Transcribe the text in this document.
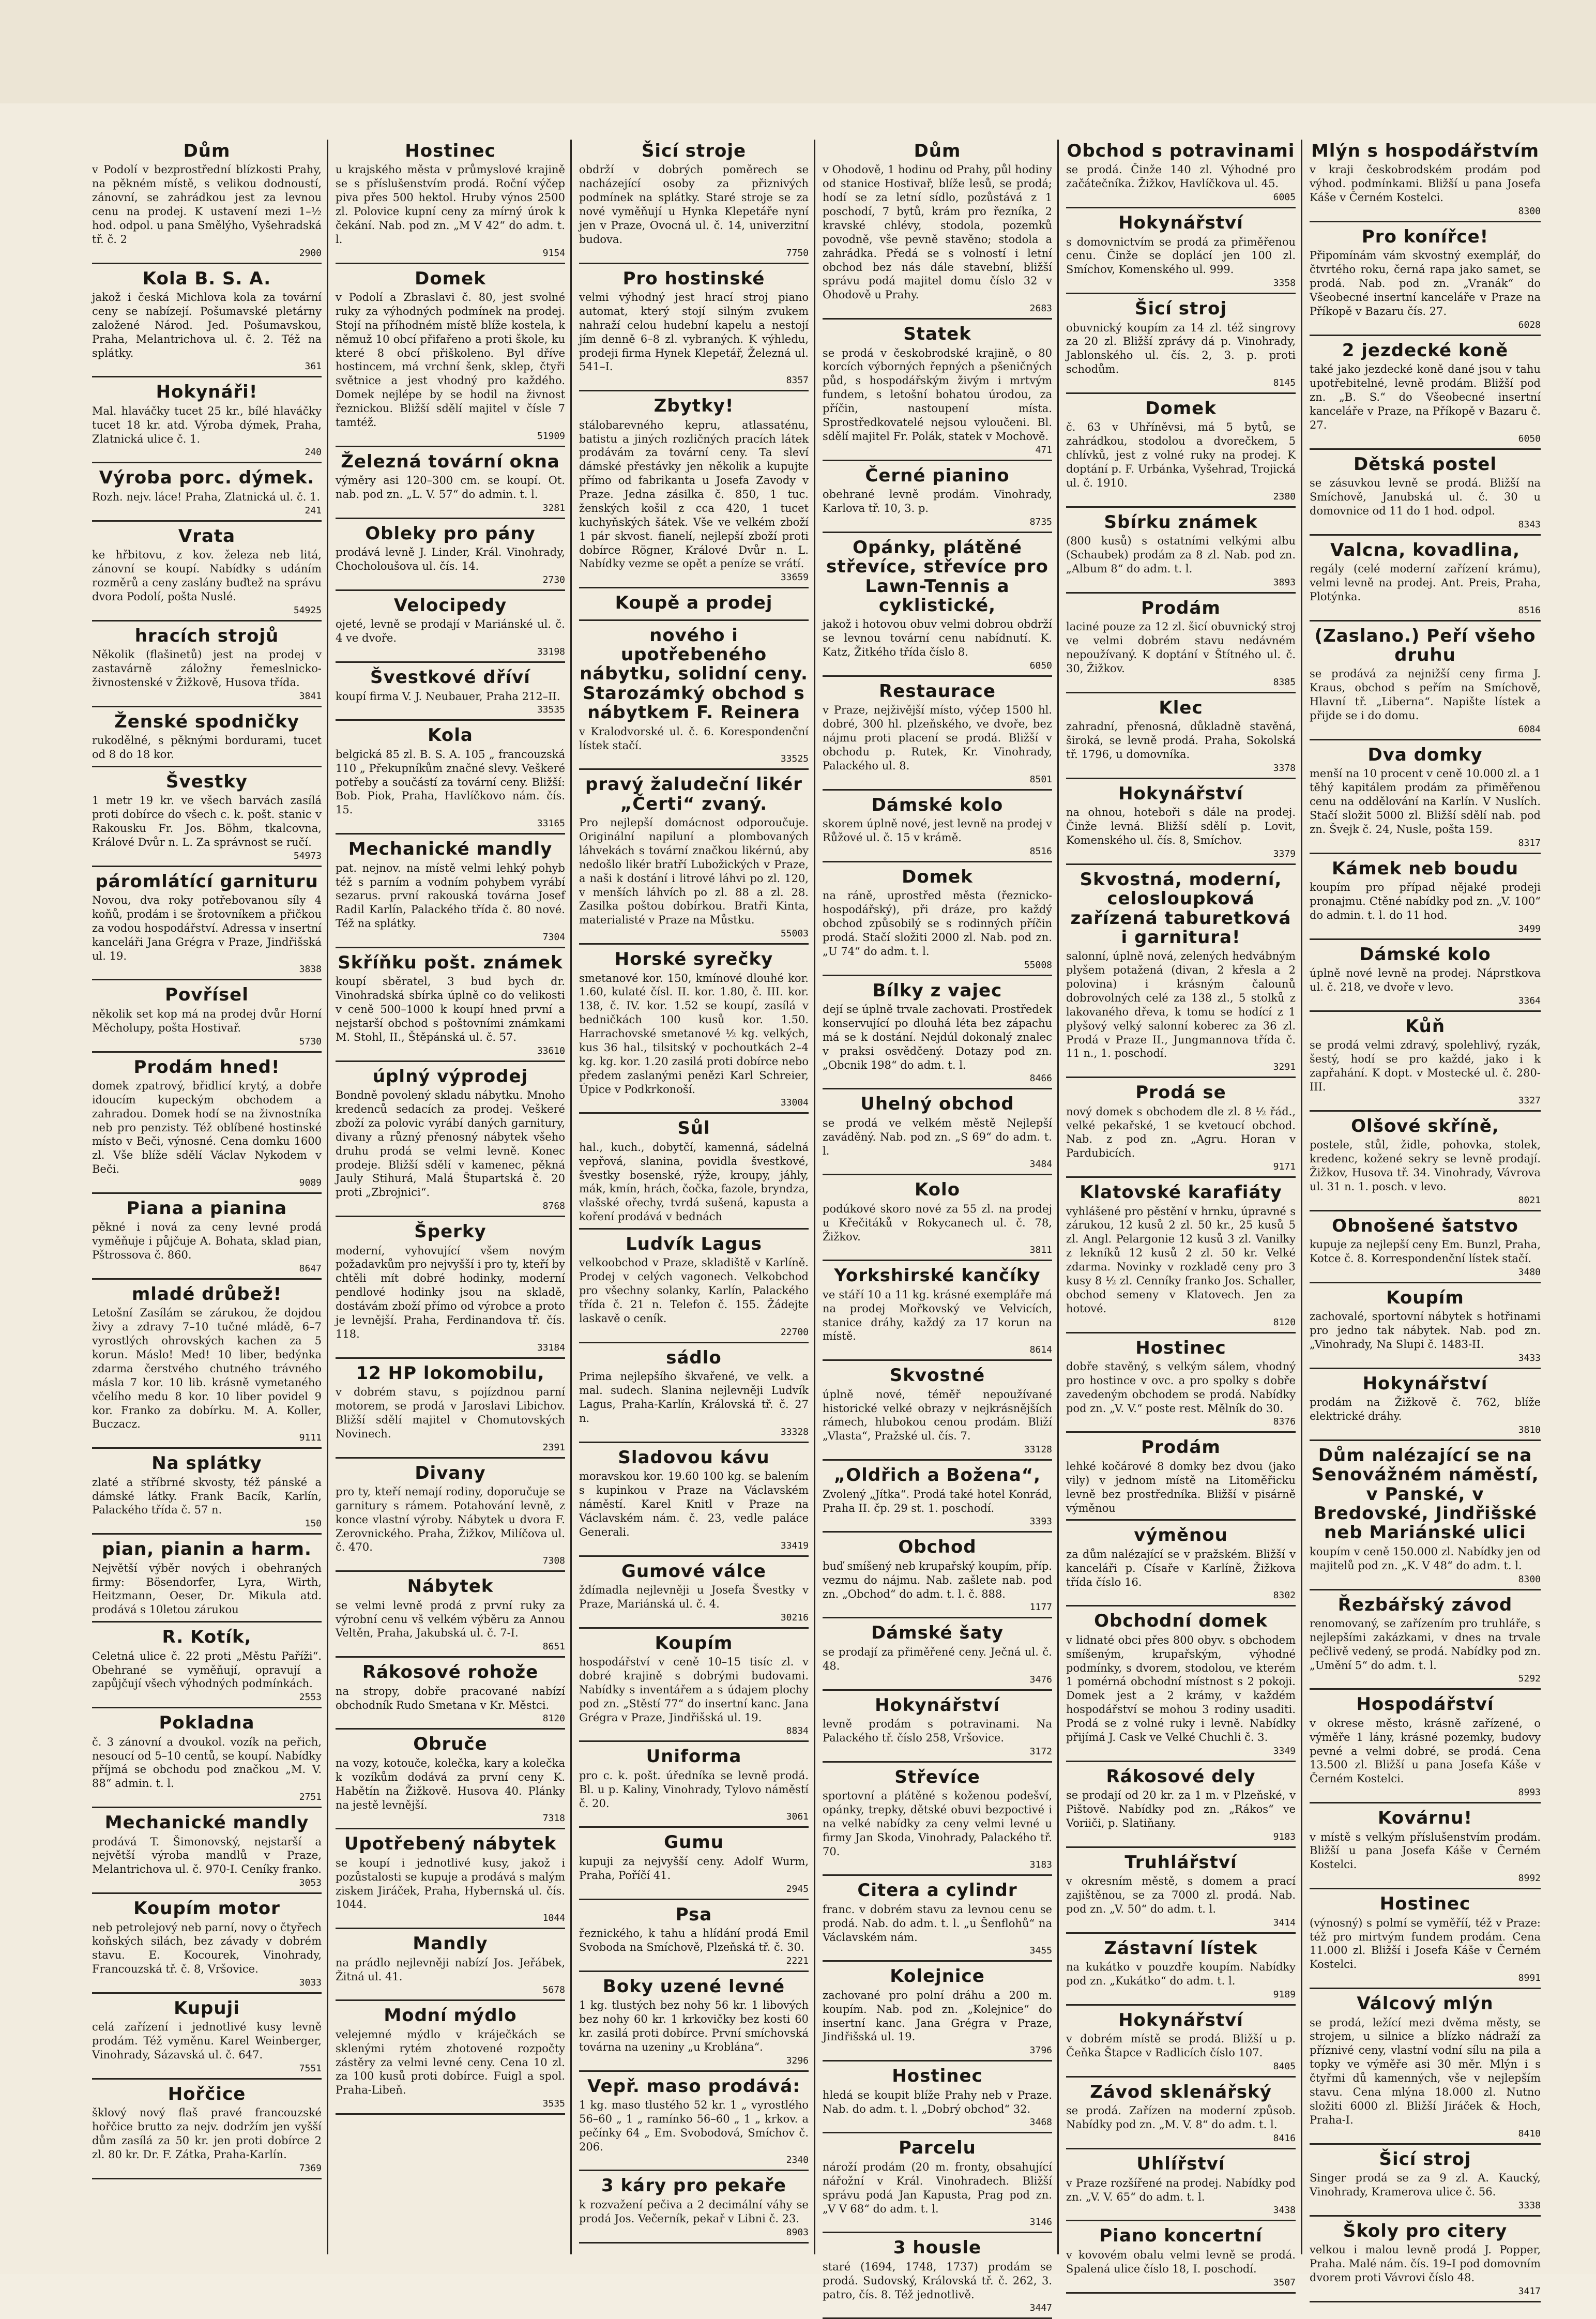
Dům

v Podolí v bezprostřední blízkosti Prahy, na pěkném místě, s velikou dodnoustí, zánovní, se zahrádkou jest za levnou cenu na prodej. K ustavení mezi 1–½ hod. odpol. u pana Smělýho, Vyšehradská tř. č. 2

2900
Kola B. S. A.

jakož i česká Michlova kola za tovární ceny se nabízejí. Pošumavské pletárny založené Národ. Jed. Pošumavskou, Praha, Melantrichova ul. č. 2. Též na splátky.

361
Hokynáři!

Mal. hlaváčky tucet 25 kr., bílé hlaváčky tucet 18 kr. atd. Výroba dýmek, Praha, Zlatnická ulice č. 1.

240
Výroba porc. dýmek.

Rozh. nejv. láce! Praha, Zlatnická ul. č. 1.

241
Vrata

ke hřbitovu, z kov. železa neb litá, zánovní se koupí. Nabídky s udáním rozměrů a ceny zaslány buďtež na správu dvora Podolí, pošta Nuslé.

54925
hracích strojů

Několik (flašinetů) jest na prodej v zastavárně záložny řemeslnicko-živnostenské v Žižkově, Husova třída.

3841
Ženské spodničky

rukodělné, s pěknými bordurami, tucet od 8 do 18 kor.

Švestky

1 metr 19 kr. ve všech barvách zasílá proti dobírce do všech c. k. pošt. stanic v Rakousku Fr. Jos. Böhm, tkalcovna, Králové Dvůr n. L. Za správnost se ručí.

54973
páromlátící garnituru

Novou, dva roky potřebovanou síly 4 koňů, prodám i se šrotovníkem a přičkou za vodou hospodářství. Adressa v insertní kanceláři Jana Grégra v Praze, Jindřišská ul. 19.

3838
Povřísel

několik set kop má na prodej dvůr Horní Měcholupy, pošta Hostivař.

5730
Prodám hned!

domek zpatrový, břidlicí krytý, a dobře idoucím kupeckým obchodem a zahradou. Domek hodí se na živnostníka neb pro penzisty. Též oblíbené hostinské místo v Beči, výnosné. Cena domku 1600 zl. Vše blíže sdělí Václav Nykodem v Beči.

9089
Piana a pianina

pěkné i nová za ceny levné prodá vyměňuje i půjčuje A. Bohata, sklad pian, Pštrossova č. 860.

8647
mladé drůbež!

Letošní Zasílám se zárukou, že dojdou živy a zdravy 7–10 tučné mládě, 6–7 vyrostlých ohrovských kachen za 5 korun. Máslo! Med! 10 liber, bedýnka zdarma čerstvého chutného trávného másla 7 kor. 10 lib. krásně vymetaného včelího medu 8 kor. 10 liber povidel 9 kor. Franko za dobírku. M. A. Koller, Buczacz.

9111
Na splátky

zlaté a stříbrné skvosty, též pánské a dámské látky. Frank Bacík, Karlín, Palackého třída č. 57 n.

150
pian, pianin a harm.

Největší výběr nových i obehraných firmy: Bösendorfer, Lyra, Wirth, Heitzmann, Oeser, Dr. Mikula atd. prodává s 10letou zárukou

R. Kotík,

Celetná ulice č. 22 proti „Městu Paříži“. Obehrané se vyměňují, opravují a zapůjčují všech výhodných podmínkách.

2553
Pokladna

č. 3 zánovní a dvoukol. vozík na peřich, nesoucí od 5–10 centů, se koupí. Nabídky příjmá se obchodu pod značkou „M. V. 88“ admin. t. l.

2751
Mechanické mandly

prodává T. Šimonovský, nejstarší a největší výroba mandlů v Praze, Melantrichova ul. č. 970-I. Ceníky franko.

3053
Koupím motor

neb petrolejový neb parní, novy o čtyřech koňských silách, bez závady v dobrém stavu. E. Kocourek, Vinohrady, Francouzská tř. č. 8, Vršovice.

3033
Kupuji

celá zařízení i jednotlivé kusy levně prodám. Též vyměnu. Karel Weinberger, Vinohrady, Sázavská ul. č. 647.

7551
Hořčice

šklový nový flaš pravé francouzské hořčice brutto za nejv. dodržím jen vyšší dům zasílá za 50 kr. jen proti dobírce 2 zl. 80 kr. Dr. F. Zátka, Praha-Karlín.

7369
Hostinec

u krajského města v průmyslové krajině se s příslušenstvím prodá. Roční výčep piva přes 500 hektol. Hruby výnos 2500 zl. Polovice kupní ceny za mírný úrok k čekání. Nab. pod zn. „M V 42“ do adm. t. l.

9154
Domek

v Podolí a Zbraslavi č. 80, jest svolné ruky za výhodných podmínek na prodej. Stojí na příhodném místě blíže kostela, k němuž 10 obcí přifařeno a proti škole, ku které 8 obcí přiškoleno. Byl dříve hostincem, má vrchní šenk, sklep, čtyři světnice a jest vhodný pro každého. Domek nejlépe by se hodil na živnost řeznickou. Bližší sdělí majitel v čísle 7 tamtéž.

51909
Železná tovární okna

výměry asi 120–300 cm. se koupí. Ot. nab. pod zn. „L. V. 57“ do admin. t. l.

3281
Obleky pro pány

prodává levně J. Linder, Král. Vinohrady, Chocholoušova ul. čís. 14.

2730
Velocipedy

ojeté, levně se prodají v Mariánské ul. č. 4 ve dvoře.

33198
Švestkové dříví

koupí firma V. J. Neubauer, Praha 212–II.

33535
Kola

belgická 85 zl. B. S. A. 105 „ francouzská 110 „ Překupníkům značné slevy. Veškeré potřeby a součástí za tovární ceny. Bližší: Bob. Piok, Praha, Havlíčkovo nám. čís. 15.

33165
Mechanické mandly

pat. nejnov. na místě velmi lehký pohyb též s parním a vodním pohybem vyrábí sezarus. první rakouská továrna Josef Radil Karlín, Palackého třída č. 80 nové. Též na splátky.

7304
Skříňku pošt. známek

koupí sběratel, 3 bud bych dr. Vinohradská sbírka úplně co do velikosti v ceně 500–1000 k koupí hned první a nejstarší obchod s poštovními známkami M. Stohl, II., Štěpánská ul. č. 57.

33610
úplný výprodej

Bondně povolený skladu nábytku. Mnoho kredenců sedacích za prodej. Veškeré zboží za polovic vyrábí daných garnitury, divany a různý přenosný nábytek všeho druhu prodá se velmi levně. Konec prodeje. Bližší sdělí v kamenec, pěkná Jauly Stihurá, Malá Štupartská č. 20 proti „Zbrojnici“.

8768
Šperky

moderní, vyhovující všem novým požadavkům pro nejvyšší i pro ty, kteří by chtěli mít dobré hodinky, moderní pendlové hodinky jsou na skladě, dostávám zboží přímo od výrobce a proto je levnější. Praha, Ferdinandova tř. čís. 118.

33184
12 HP lokomobilu,

v dobrém stavu, s pojízdnou parní motorem, se prodá v Jaroslavi Libichov. Bližší sdělí majitel v Chomutovských Novinech.

2391
Divany

pro ty, kteří nemají rodiny, doporučuje se garnitury s rámem. Potahování levně, z konce vlastní výroby. Nábytek u dvora F. Zerovnického. Praha, Žižkov, Milíčova ul. č. 470.

7308
Nábytek

se velmi levně prodá z první ruky za výrobní cenu vš velkém výběru za Annou Veltěn, Praha, Jakubská ul. č. 7-I.

8651
Rákosové rohože

na stropy, dobře pracované nabízí obchodník Rudo Smetana v Kr. Městci.

8120
Obruče

na vozy, kotouče, kolečka, kary a kolečka k vozíkům dodává za první ceny K. Habětín na Žižkově. Husova 40. Plánky na jestě levnější.

7318
Upotřebený nábytek

se koupí i jednotlivé kusy, jakož i pozůstalosti se kupuje a prodává s malým ziskem Jiráček, Praha, Hybernská ul. čís. 1044.

1044
Mandly

na prádlo nejlevněji nabízí Jos. Jeřábek, Žitná ul. 41.

5678
Modní mýdlo

velejemné mýdlo v kráječkách se sklenými rytém zhotovené rozpočty zástěry za velmi levné ceny. Cena 10 zl. za 100 kusů proti dobírce. Fuigl a spol. Praha-Libeň.

3535
Šicí stroje

obdrží v dobrých poměrech se nacházející osoby za přiznivých podmínek na splátky. Staré stroje se za nové vyměňují u Hynka Klepetáře nyní jen v Praze, Ovocná ul. č. 14, univerzitní budova.

7750
Pro hostinské

velmi výhodný jest hrací stroj piano automat, který stojí silným zvukem nahraží celou hudební kapelu a nestojí jím denně 6–8 zl. vybraných. K výhledu, prodeji firma Hynek Klepetář, Železná ul. 541–I.

8357
Zbytky!

stálobarevného kepru, atlassaténu, batistu a jiných rozličných pracích látek prodávám za tovární ceny. Ta sleví dámské přestávky jen několik a kupujte přímo od fabrikanta u Josefa Zavody v Praze. Jedna zásilka č. 850, 1 tuc. ženských košil z cca 420, 1 tucet kuchyňských šátek. Vše ve velkém zboží 1 pár skvost. fianelí, nejlepší zboží proti dobírce Rögner, Králové Dvůr n. L. Nabídky vezme se opět a peníze se vrátí.

33659
Koupě a prodej
nového i upotřebeného nábytku, solidní ceny. Starozámký obchod s nábytkem F. Reinera

v Kralodvorské ul. č. 6. Korespondenční lístek stačí.

33525
pravý žaludeční likér „Čerti“ zvaný.

Pro nejlepší domácnost odporoučuje. Originální napiluní a plombovaných láhvekách s tovární značkou likérnú, aby nedošlo likér bratří Lubožických v Praze, a naši k dostání i litrové láhvi po zl. 120, v menších láhvích po zl. 88 a zl. 28. Zasilka poštou dobírkou. Bratři Kinta, materialisté v Praze na Můstku.

55003
Horské syrečky

smetanové kor. 150, kmínové dlouhé kor. 1.60, kulaté čísl. II. kor. 1.80, č. III. kor. 138, č. IV. kor. 1.52 se koupí, zasílá v bedničkách 100 kusů kor. 1.50. Harrachovské smetanové ½ kg. velkých, kus 36 hal., tilsitský v pochoutkách 2–4 kg. kg. kor. 1.20 zasilá proti dobírce nebo předem zaslanými penězi Karl Schreier, Úpice v Podkrkonoší.

33004
Sůl

hal., kuch., dobytčí, kamenná, sádelná vepřová, slanina, povidla švestkové, švestky bosenské, rýže, kroupy, jáhly, mák, kmín, hrách, čočka, fazole, bryndza, vlašské ořechy, tvrdá sušená, kapusta a koření prodává v bednách

Ludvík Lagus

velkoobchod v Praze, skladiště v Karlíně. Prodej v celých vagonech. Velkobchod pro všechny solanky, Karlín, Palackého třída č. 21 n. Telefon č. 155. Žádejte laskavě o ceník.

22700
sádlo

Prima nejlepšího škvařené, ve velk. a mal. sudech. Slanina nejlevněji Ludvík Lagus, Praha-Karlín, Královská tř. č. 27 n.

33328
Sladovou kávu

moravskou kor. 19.60 100 kg. se balením s kupinkou v Praze na Václavském náměstí. Karel Knitl v Praze na Václavském nám. č. 23, vedle paláce Generali.

33419
Gumové válce

ždímadla nejlevněji u Josefa Švestky v Praze, Mariánská ul. č. 4.

30216
Koupím

hospodářství v ceně 10–15 tisíc zl. v dobré krajině s dobrými budovami. Nabídky s inventářem a s údajem plochy pod zn. „Stěstí 77“ do insertní kanc. Jana Grégra v Praze, Jindřišská ul. 19.

8834
Uniforma

pro c. k. pošt. úředníka se levně prodá. Bl. u p. Kaliny, Vinohrady, Tylovo náměstí č. 20.

3061
Gumu

kupuji za nejvyšší ceny. Adolf Wurm, Praha, Poříčí 41.

2945
Psa

řeznického, k tahu a hlídání prodá Emil Svoboda na Smíchově, Plzeňská tř. č. 30.

2221
Boky uzené levné

1 kg. tlustých bez nohy 56 kr. 1 libových bez nohy 60 kr. 1 krkovičky bez kosti 60 kr. zasilá proti dobírce. První smíchovská továrna na uzeniny „u Kroblána“.

3296
Vepř. maso prodává:

1 kg. maso tlustého 52 kr. 1 „ vyrostlého 56–60 „ 1 „ ramínko 56–60 „ 1 „ krkov. a pečínky 64 „ Em. Svobodová, Smíchov č. 206.

2340
3 káry pro pekaře

k rozvažení pečiva a 2 decimální váhy se prodá Jos. Večerník, pekař v Libni č. 23.

8903
Dům

v Ohodově, 1 hodinu od Prahy, půl hodiny od stanice Hostivař, blíže lesů, se prodá; hodí se za letní sídlo, pozůstává z 1 poschodí, 7 bytů, krám pro řezníka, 2 kravské chlévy, stodola, pozemků povodně, vše pevně stavěno; stodola a zahrádka. Předá se s volností i letní obchod bez nás dále stavební, bližší správu podá majitel domu číslo 32 v Ohodově u Prahy.

2683
Statek

se prodá v českobrodské krajině, o 80 korcích výborných řepných a pšeničných půd, s hospodářským živým i mrtvým fundem, s letošní bohatou úrodou, za příčin, nastoupení místa. Sprostředkovatelé nejsou vyloučeni. Bl. sdělí majitel Fr. Polák, statek v Mochově.

471
Černé pianino

obehrané levně prodám. Vinohrady, Karlova tř. 10, 3. p.

8735
Opánky, plátěné střevíce, střevíce pro Lawn-Tennis a cyklistické,

jakož i hotovou obuv velmi dobrou obdrží se levnou tovární cenu nabídnutí. K. Katz, Žitkého třída číslo 8.

6050
Restaurace

v Praze, nejživější místo, výčep 1500 hl. dobré, 300 hl. plzeňského, ve dvoře, bez nájmu proti placení se prodá. Bližší v obchodu p. Rutek, Kr. Vinohrady, Palackého ul. 8.

8501
Dámské kolo

skorem úplně nové, jest levně na prodej v Růžové ul. č. 15 v krámě.

8516
Domek

na ráně, uprostřed města (řeznicko-hospodářský), při dráze, pro každý obchod způsobilý se s rodinných příčin prodá. Stačí složiti 2000 zl. Nab. pod zn. „U 74“ do adm. t. l.

55008
Bílky z vajec

dejí se úplně trvale zachovati. Prostředek konservující po dlouhá léta bez zápachu má se k dostání. Nejdúl dokonalý znalec v praksi osvědčený. Dotazy pod zn. „Obcnik 198“ do adm. t. l.

8466
Uhelný obchod

se prodá ve velkém městě Nejlepší zaváděný. Nab. pod zn. „S 69“ do adm. t. l.

3484
Kolo

podúkové skoro nové za 55 zl. na prodej u Křečitáků v Rokycanech ul. č. 78, Žižkov.

3811
Yorkshirské kančíky

ve stáří 10 a 11 kg. krásné exempláře má na prodej Mořkovský ve Velvicích, stanice dráhy, každý za 17 korun na místě.

8614
Skvostné

úplně nové, téměř nepoužívané historické velké obrazy v nejkrásnějších rámech, hlubokou cenou prodám. Bliží „Vlasta“, Pražské ul. čís. 7.

33128
„Oldřich a Božena“,

Zvolený „Jítka“. Prodá také hotel Konrád, Praha II. čp. 29 st. 1. poschodí.

3393
Obchod

buď smíšený neb krupařský koupím, příp. vezmu do nájmu. Nab. zašlete nab. pod zn. „Obchod“ do adm. t. l. č. 888.

1177
Dámské šaty

se prodají za přiměřené ceny. Ječná ul. č. 48.

3476
Hokynářství

levně prodám s potravinami. Na Palackého tř. číslo 258, Vršovice.

3172
Střevíce

sportovní a plátěné s koženou podešví, opánky, trepky, dětské obuvi bezpoctivé i na velké nabídky za ceny velmi levné u firmy Jan Skoda, Vinohrady, Palackého tř. 70.

3183
Citera a cylindr

franc. v dobrém stavu za levnou cenu se prodá. Nab. do adm. t. l. „u Šenflohů“ na Václavském nám.

3455
Kolejnice

zachované pro polní dráhu a 200 m. koupím. Nab. pod zn. „Kolejnice“ do insertní kanc. Jana Grégra v Praze, Jindřišská ul. 19.

3796
Hostinec

hledá se koupit blíže Prahy neb v Praze. Nab. do adm. t. l. „Dobrý obchod“ 32.

3468
Parcelu

nároží prodám (20 m. fronty, obsahující nářožní v Král. Vinohradech. Bližší správu podá Jan Kapusta, Prag pod zn. „V V 68“ do adm. t. l.

3146
3 housle

staré (1694, 1748, 1737) prodám se prodá. Sudovský, Královská tř. č. 262, 3. patro, čís. 8. Též jednotlivě.

3447
Obchod s potravinami

se prodá. Činže 140 zl. Výhodné pro začátečníka. Žižkov, Havlíčkova ul. 45.

6005
Hokynářství

s domovnictvím se prodá za přiměřenou cenu. Činže se doplácí jen 100 zl. Smíchov, Komenského ul. 999.

3358
Šicí stroj

obuvnický koupím za 14 zl. též singrovy za 20 zl. Bližší zprávy dá p. Vinohrady, Jablonského ul. čís. 2, 3. p. proti schodům.

8145
Domek

č. 63 v Uhříněvsi, má 5 bytů, se zahrádkou, stodolou a dvorečkem, 5 chlívků, jest z volné ruky na prodej. K doptání p. F. Urbánka, Vyšehrad, Trojická ul. č. 1910.

2380
Sbírku známek

(800 kusů) s ostatními velkými albu (Schaubek) prodám za 8 zl. Nab. pod zn. „Album 8“ do adm. t. l.

3893
Prodám

laciné pouze za 12 zl. šicí obuvnický stroj ve velmi dobrém stavu nedávném nepoužívaný. K doptání v Štítného ul. č. 30, Žižkov.

8385
Klec

zahradní, přenosná, důkladně stavěná, široká, se levně prodá. Praha, Sokolská tř. 1796, u domovníka.

3378
Hokynářství

na ohnou, hoteboři s dále na prodej. Činže levná. Bližší sdělí p. Lovit, Komenského ul. čís. 8, Smíchov.

3379
Skvostná, moderní, celosloupková zařízená taburetková i garnitura!

salonní, úplně nová, zelených hedvábným plyšem potažená (divan, 2 křesla a 2 polovina) i krásným čalounů dobrovolných celé za 138 zl., 5 stolků z lakovaného dřeva, k tomu se hodící z 1 plyšový velký salonní koberec za 36 zl. Prodá v Praze II., Jungmannova třída č. 11 n., 1. poschodí.

3291
Prodá se

nový domek s obchodem dle zl. 8 ½ řád., velké pekařské, 1 se kvetoucí obchod. Nab. z pod zn. „Agru. Horan v Pardubicích.

9171
Klatovské karafiáty

vyhlášené pro pěstění v hrnku, úpravné s zárukou, 12 kusů 2 zl. 50 kr., 25 kusů 5 zl. Angl. Pelargonie 12 kusů 3 zl. Vanilky z lekníků 12 kusů 2 zl. 50 kr. Velké zdarma. Novinky v rozkladě ceny pro 3 kusy 8 ½ zl. Cenníky franko Jos. Schaller, obchod semeny v Klatovech. Jen za hotové.

8120
Hostinec

dobře stavěný, s velkým sálem, vhodný pro hostince v ovc. a pro spolky s dobře zavedeným obchodem se prodá. Nabídky pod zn. „V. V.“ poste rest. Mělník do 30.

8376
Prodám

lehké kočárové 8 domky bez dvou (jako vily) v jednom místě na Litoměřicku levně bez prostředníka. Bližší v pisárně výměnou

výměnou

za dům nalézající se v pražském. Bližší v kanceláři p. Císaře v Karlíně, Žižkova třída číslo 16.

8302
Obchodní domek

v lidnaté obci přes 800 obyv. s obchodem smíšeným, krupařským, výhodné podmínky, s dvorem, stodolou, ve kterém 1 pomérná obchodní místnost s 2 pokoji. Domek jest a 2 krámy, v každém hospodářství se mohou 3 rodiny usaditi. Prodá se z volné ruky i levně. Nabídky přijímá J. Cask ve Velké Chuchli č. 3.

3349
Rákosové dely

se prodají od 20 kr. za 1 m. v Plzeňské, v Pištově. Nabídky pod zn. „Rákos“ ve Voriiči, p. Slatiňany.

9183
Truhlářství

v okresním městě, s domem a prací zajištěnou, se za 7000 zl. prodá. Nab. pod zn. „V. 50“ do adm. t. l.

3414
Zástavní lístek

na kukátko v pouzdře koupím. Nabídky pod zn. „Kukátko“ do adm. t. l.

9189
Hokynářství

v dobrém místě se prodá. Bližší u p. Čeňka Štapce v Radlicích číslo 107.

8405
Závod sklenářský

se prodá. Zařízen na moderní způsob. Nabídky pod zn. „M. V. 8“ do adm. t. l.

8416
Uhlířství

v Praze rozšířené na prodej. Nabídky pod zn. „V. V. 65“ do adm. t. l.

3438
Piano koncertní

v kovovém obalu velmi levně se prodá. Spalená ulice číslo 18, I. poschodí.

3507
Mlýn s hospodářstvím

v kraji českobrodském prodám pod výhod. podmínkami. Bližší u pana Josefa Káše v Černém Kostelci.

8300
Pro konířce!

Připomínám vám skvostný exemplář, do čtvrtého roku, černá rapa jako samet, se prodá. Nab. pod zn. „Vranák“ do Všeobecné insertní kanceláře v Praze na Příkopě v Bazaru čís. 27.

6028
2 jezdecké koně

také jako jezdecké koně dané jsou v tahu upotřebitelné, levně prodám. Bližší pod zn. „B. S.“ do Všeobecné insertní kanceláře v Praze, na Příkopě v Bazaru č. 27.

6050
Dětská postel

se zásuvkou levně se prodá. Bližší na Smíchově, Janubská ul. č. 30 u domovnice od 11 do 1 hod. odpol.

8343
Valcna, kovadlina,

regály (celé moderní zařízení krámu), velmi levně na prodej. Ant. Preis, Praha, Plotýnka.

8516
(Zaslano.) Peří všeho druhu

se prodává za nejnižší ceny firma J. Kraus, obchod s peřím na Smíchově, Hlavní tř. „Liberna“. Napište lístek a přijde se i do domu.

6084
Dva domky

menší na 10 procent v ceně 10.000 zl. a 1 těhý kapitálem prodám za přiměřenou cenu na oddělování na Karlín. V Nuslích. Stačí složit 5000 zl. Bližší sdělí nab. pod zn. Švejk č. 24, Nusle, pošta 159.

8317
Kámek neb boudu

koupím pro případ nějaké prodeji pronajmu. Ctěné nabídky pod zn. „V. 100“ do admin. t. l. do 11 hod.

3499
Dámské kolo

úplně nové levně na prodej. Náprstkova ul. č. 218, ve dvoře v levo.

3364
Kůň

se prodá velmi zdravý, spolehlivý, ryzák, šestý, hodí se pro každé, jako i k zapřahání. K dopt. v Mostecké ul. č. 280-III.

3327
Olšové skříně,

postele, stůl, židle, pohovka, stolek, kredenc, kožené sekry se levně prodají. Žižkov, Husova tř. 34. Vinohrady, Vávrova ul. 31 n. 1. posch. v levo.

8021
Obnošené šatstvo

kupuje za nejlepší ceny Em. Bunzl, Praha, Kotce č. 8. Korrespondenční lístek stačí.

3480
Koupím

zachovalé, sportovní nábytek s hotřinami pro jedno tak nábytek. Nab. pod zn. „Vinohrady, Na Slupi č. 1483-II.

3433
Hokynářství

prodám na Žižkově č. 762, blíže elektrické dráhy.

3810
Dům nalézající se na Senovážném náměstí, v Panské, v Bredovské, Jindřišské neb Mariánské ulici

koupím v ceně 150.000 zl. Nabídky jen od majitelů pod zn. „K. V 48“ do adm. t. l.

8300
Řezbářský závod

renomovaný, se zařízením pro truhláře, s nejlepšími zakázkami, v dnes na trvale pečlivě vedený, se prodá. Nabídky pod zn. „Umění 5“ do adm. t. l.

5292
Hospodářství

v okrese město, krásně zařízené, o výměře 1 lány, krásné pozemky, budovy pevné a velmi dobré, se prodá. Cena 13.500 zl. Bližší u pana Josefa Káše v Černém Kostelci.

8993
Kovárnu!

v místě s velkým příslušenstvím prodám. Bližší u pana Josefa Káše v Černém Kostelci.

8992
Hostinec

(výnosný) s polmí se vyměříí, též v Praze: též pro mirtvým fundem prodám. Cena 11.000 zl. Bližší i Josefa Káše v Černém Kostelci.

8991
Válcový mlýn

se prodá, ležící mezi dvěma městy, se strojem, u silnice a blízko nádraží za příznivé ceny, vlastní vodní sílu na pila a topky ve výměře asi 30 měr. Mlýn i s čtyřmi dů kamenných, vše v nejlepším stavu. Cena mlýna 18.000 zl. Nutno složiti 6000 zl. Bližší Jiráček & Hoch, Praha-I.

8410
Šicí stroj

Singer prodá se za 9 zl. A. Kaucký, Vinohrady, Kramerova ulice č. 56.

3338
Školy pro citery

velkou i malou levně prodá J. Popper, Praha. Malé nám. čís. 19–I pod domovním dvorem proti Vávrovi číslo 48.

3417
